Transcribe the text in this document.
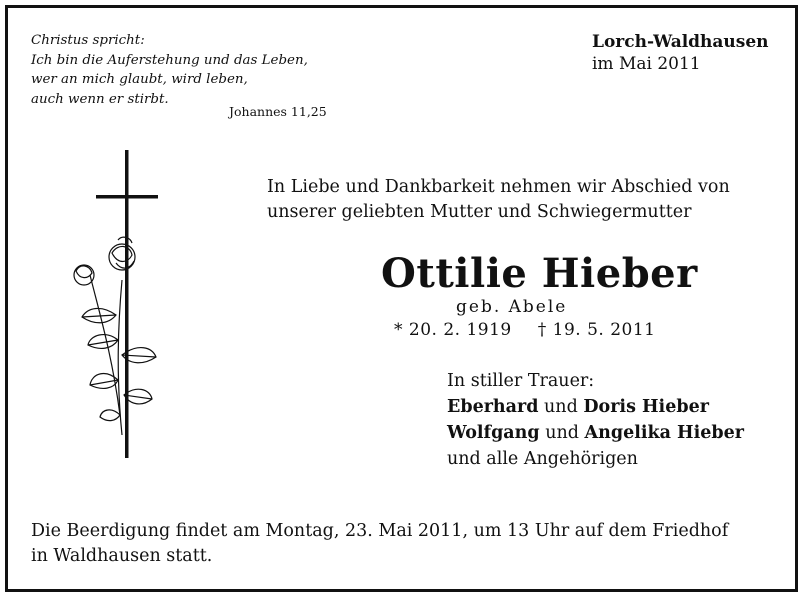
Christus spricht:
Ich bin die Auferstehung und das Leben,
wer an mich glaubt, wird leben,
auch wenn er stirbt.
Johannes 11,25
Lorch-Waldhausen
im Mai 2011
In Liebe und Dankbarkeit nehmen wir Abschied von
unserer geliebten Mutter und Schwiegermutter
Ottilie Hieber
geb. Abele
* 20. 2. 1919 † 19. 5. 2011
In stiller Trauer:
Eberhard und Doris Hieber
Wolfgang und Angelika Hieber
und alle Angehörigen
Die Beerdigung findet am Montag, 23. Mai 2011, um 13 Uhr auf dem Friedhof
in Waldhausen statt.
